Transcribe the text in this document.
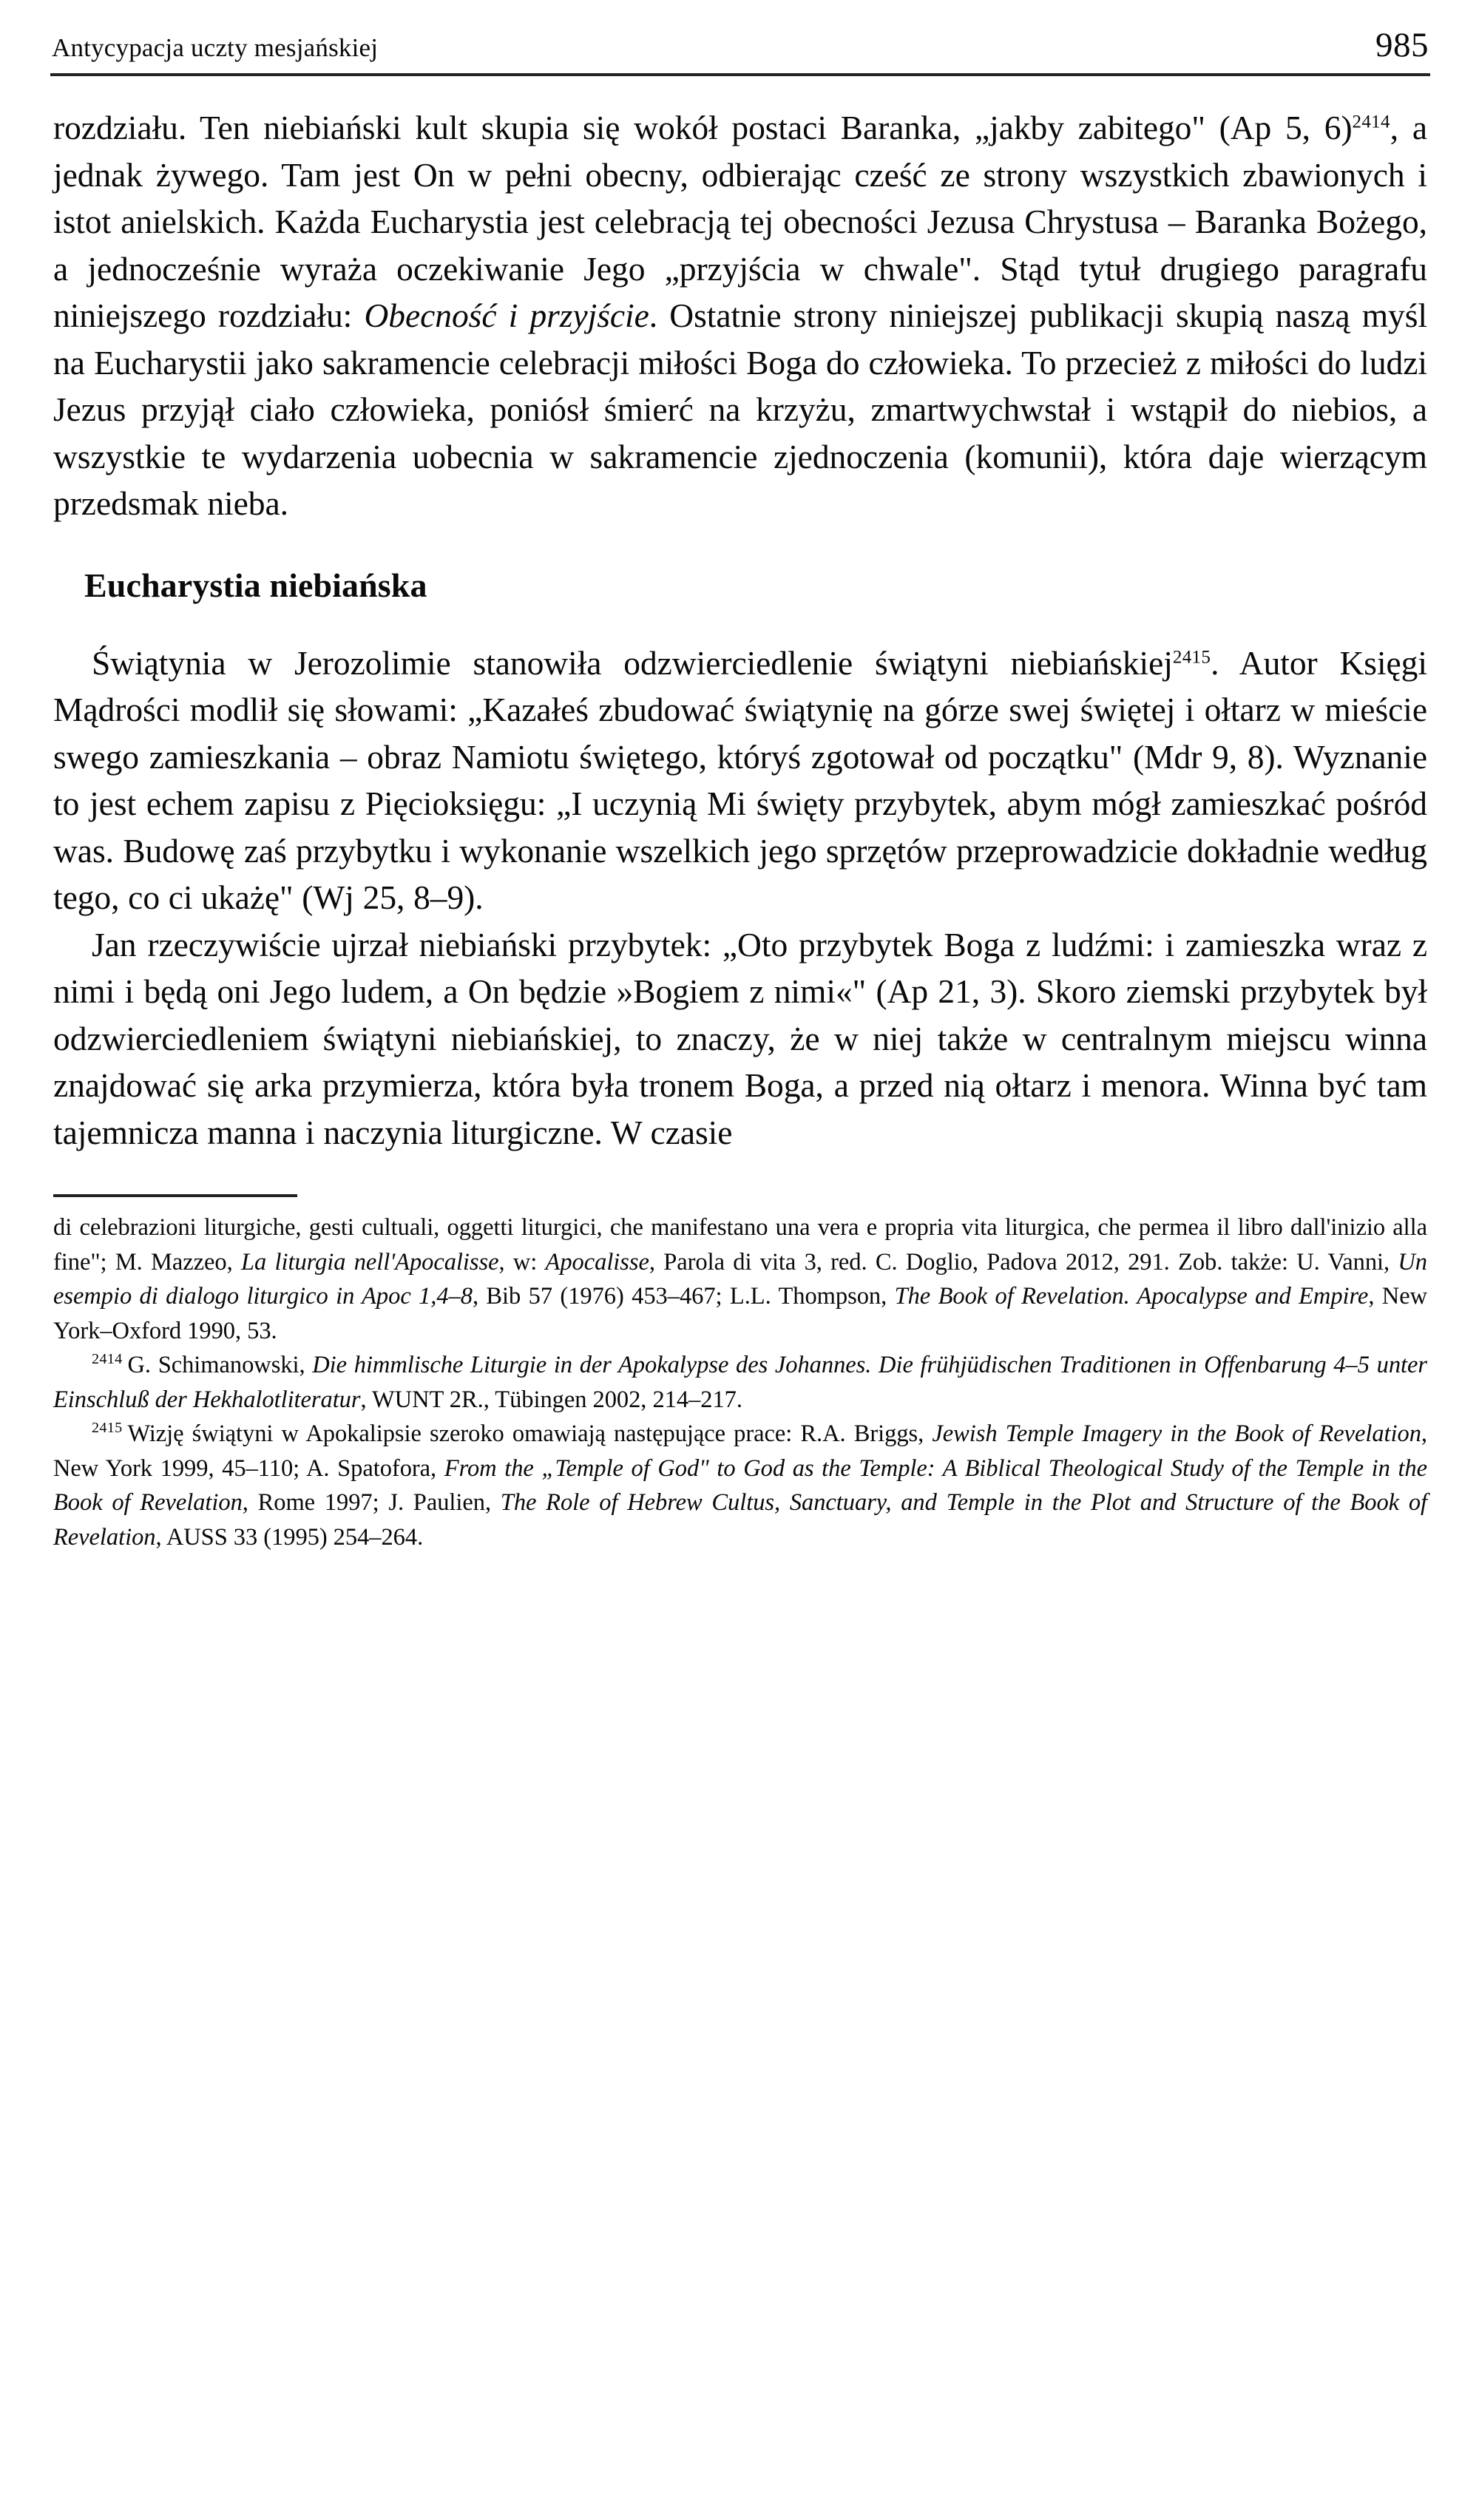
Antycypacja uczty mesjańskiej	985

rozdziału. Ten niebiański kult skupia się wokół postaci Baranka, „jakby zabitego" (Ap 5, 6)$^{2414}$, a jednak żywego. Tam jest On w pełni obecny, odbierając cześć ze strony wszystkich zbawionych i istot anielskich. Każda Eucharystia jest celebracją tej obecności Jezusa Chrystusa – Baranka Bożego, a jednocześnie wyraża oczekiwanie Jego „przyjścia w chwale". Stąd tytuł drugiego paragrafu niniejszego rozdziału: Obecność i przyjście. Ostatnie strony niniejszej publikacji skupią naszą myśl na Eucharystii jako sakramencie celebracji miłości Boga do człowieka. To przecież z miłości do ludzi Jezus przyjął ciało człowieka, poniósł śmierć na krzyżu, zmartwychwstał i wstąpił do niebios, a wszystkie te wydarzenia uobecnia w sakramencie zjednoczenia (komunii), która daje wierzącym przedsmak nieba.

Eucharystia niebiańska

Świątynia w Jerozolimie stanowiła odzwierciedlenie świątyni niebiańskiej$^{2415}$. Autor Księgi Mądrości modlił się słowami: „Kazałeś zbudować świątynię na górze swej świętej i ołtarz w mieście swego zamieszkania – obraz Namiotu świętego, któryś zgotował od początku" (Mdr 9, 8). Wyznanie to jest echem zapisu z Pięcioksięgu: „I uczynią Mi święty przybytek, abym mógł zamieszkać pośród was. Budowę zaś przybytku i wykonanie wszelkich jego sprzętów przeprowadzicie dokładnie według tego, co ci ukażę" (Wj 25, 8–9).

Jan rzeczywiście ujrzał niebiański przybytek: „Oto przybytek Boga z ludźmi: i zamieszka wraz z nimi i będą oni Jego ludem, a On będzie »Bogiem z nimi«" (Ap 21, 3). Skoro ziemski przybytek był odzwierciedleniem świątyni niebiańskiej, to znaczy, że w niej także w centralnym miejscu winna znajdować się arka przymierza, która była tronem Boga, a przed nią ołtarz i menora. Winna być tam tajemnicza manna i naczynia liturgiczne. W czasie

di celebrazioni liturgiche, gesti cultuali, oggetti liturgici, che manifestano una vera e propria vita liturgica, che permea il libro dall'inizio alla fine"; M. Mazzeo, La liturgia nell'Apocalisse, w: Apocalisse, Parola di vita 3, red. C. Doglio, Padova 2012, 291. Zob. także: U. Vanni, Un esempio di dialogo liturgico in Apoc 1,4–8, Bib 57 (1976) 453–467; L.L. Thompson, The Book of Revelation. Apocalypse and Empire, New York–Oxford 1990, 53.

$^{2414}$ G. Schimanowski, Die himmlische Liturgie in der Apokalypse des Johannes. Die frühjüdischen Traditionen in Offenbarung 4–5 unter Einschluß der Hekhalotliteratur, WUNT 2R., Tübingen 2002, 214–217.

$^{2415}$ Wizję świątyni w Apokalipsie szeroko omawiają następujące prace: R.A. Briggs, Jewish Temple Imagery in the Book of Revelation, New York 1999, 45–110; A. Spatofora, From the „Temple of God" to God as the Temple: A Biblical Theological Study of the Temple in the Book of Revelation, Rome 1997; J. Paulien, The Role of Hebrew Cultus, Sanctuary, and Temple in the Plot and Structure of the Book of Revelation, AUSS 33 (1995) 254–264.
